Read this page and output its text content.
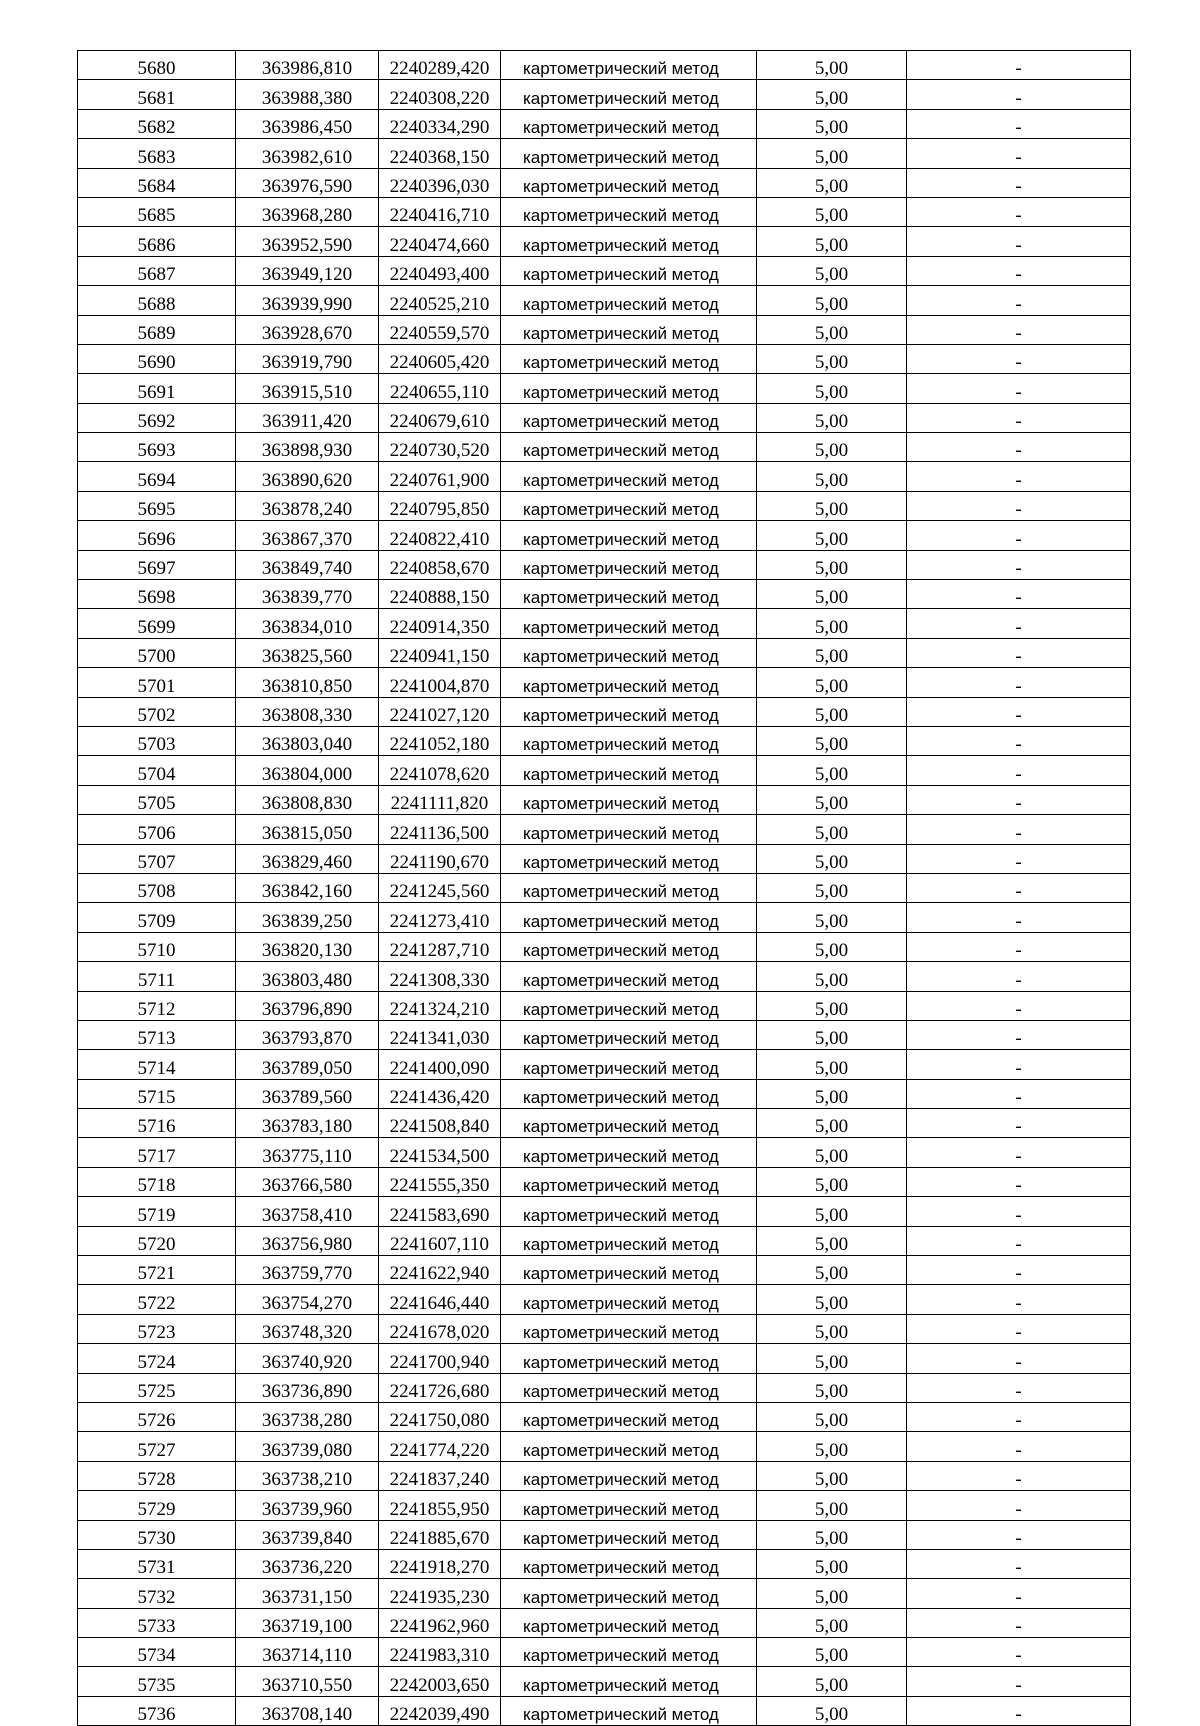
5680	363986,810	2240289,420	картометрический метод	5,00	-
5681	363988,380	2240308,220	картометрический метод	5,00	-
5682	363986,450	2240334,290	картометрический метод	5,00	-
5683	363982,610	2240368,150	картометрический метод	5,00	-
5684	363976,590	2240396,030	картометрический метод	5,00	-
5685	363968,280	2240416,710	картометрический метод	5,00	-
5686	363952,590	2240474,660	картометрический метод	5,00	-
5687	363949,120	2240493,400	картометрический метод	5,00	-
5688	363939,990	2240525,210	картометрический метод	5,00	-
5689	363928,670	2240559,570	картометрический метод	5,00	-
5690	363919,790	2240605,420	картометрический метод	5,00	-
5691	363915,510	2240655,110	картометрический метод	5,00	-
5692	363911,420	2240679,610	картометрический метод	5,00	-
5693	363898,930	2240730,520	картометрический метод	5,00	-
5694	363890,620	2240761,900	картометрический метод	5,00	-
5695	363878,240	2240795,850	картометрический метод	5,00	-
5696	363867,370	2240822,410	картометрический метод	5,00	-
5697	363849,740	2240858,670	картометрический метод	5,00	-
5698	363839,770	2240888,150	картометрический метод	5,00	-
5699	363834,010	2240914,350	картометрический метод	5,00	-
5700	363825,560	2240941,150	картометрический метод	5,00	-
5701	363810,850	2241004,870	картометрический метод	5,00	-
5702	363808,330	2241027,120	картометрический метод	5,00	-
5703	363803,040	2241052,180	картометрический метод	5,00	-
5704	363804,000	2241078,620	картометрический метод	5,00	-
5705	363808,830	2241111,820	картометрический метод	5,00	-
5706	363815,050	2241136,500	картометрический метод	5,00	-
5707	363829,460	2241190,670	картометрический метод	5,00	-
5708	363842,160	2241245,560	картометрический метод	5,00	-
5709	363839,250	2241273,410	картометрический метод	5,00	-
5710	363820,130	2241287,710	картометрический метод	5,00	-
5711	363803,480	2241308,330	картометрический метод	5,00	-
5712	363796,890	2241324,210	картометрический метод	5,00	-
5713	363793,870	2241341,030	картометрический метод	5,00	-
5714	363789,050	2241400,090	картометрический метод	5,00	-
5715	363789,560	2241436,420	картометрический метод	5,00	-
5716	363783,180	2241508,840	картометрический метод	5,00	-
5717	363775,110	2241534,500	картометрический метод	5,00	-
5718	363766,580	2241555,350	картометрический метод	5,00	-
5719	363758,410	2241583,690	картометрический метод	5,00	-
5720	363756,980	2241607,110	картометрический метод	5,00	-
5721	363759,770	2241622,940	картометрический метод	5,00	-
5722	363754,270	2241646,440	картометрический метод	5,00	-
5723	363748,320	2241678,020	картометрический метод	5,00	-
5724	363740,920	2241700,940	картометрический метод	5,00	-
5725	363736,890	2241726,680	картометрический метод	5,00	-
5726	363738,280	2241750,080	картометрический метод	5,00	-
5727	363739,080	2241774,220	картометрический метод	5,00	-
5728	363738,210	2241837,240	картометрический метод	5,00	-
5729	363739,960	2241855,950	картометрический метод	5,00	-
5730	363739,840	2241885,670	картометрический метод	5,00	-
5731	363736,220	2241918,270	картометрический метод	5,00	-
5732	363731,150	2241935,230	картометрический метод	5,00	-
5733	363719,100	2241962,960	картометрический метод	5,00	-
5734	363714,110	2241983,310	картометрический метод	5,00	-
5735	363710,550	2242003,650	картометрический метод	5,00	-
5736	363708,140	2242039,490	картометрический метод	5,00	-
